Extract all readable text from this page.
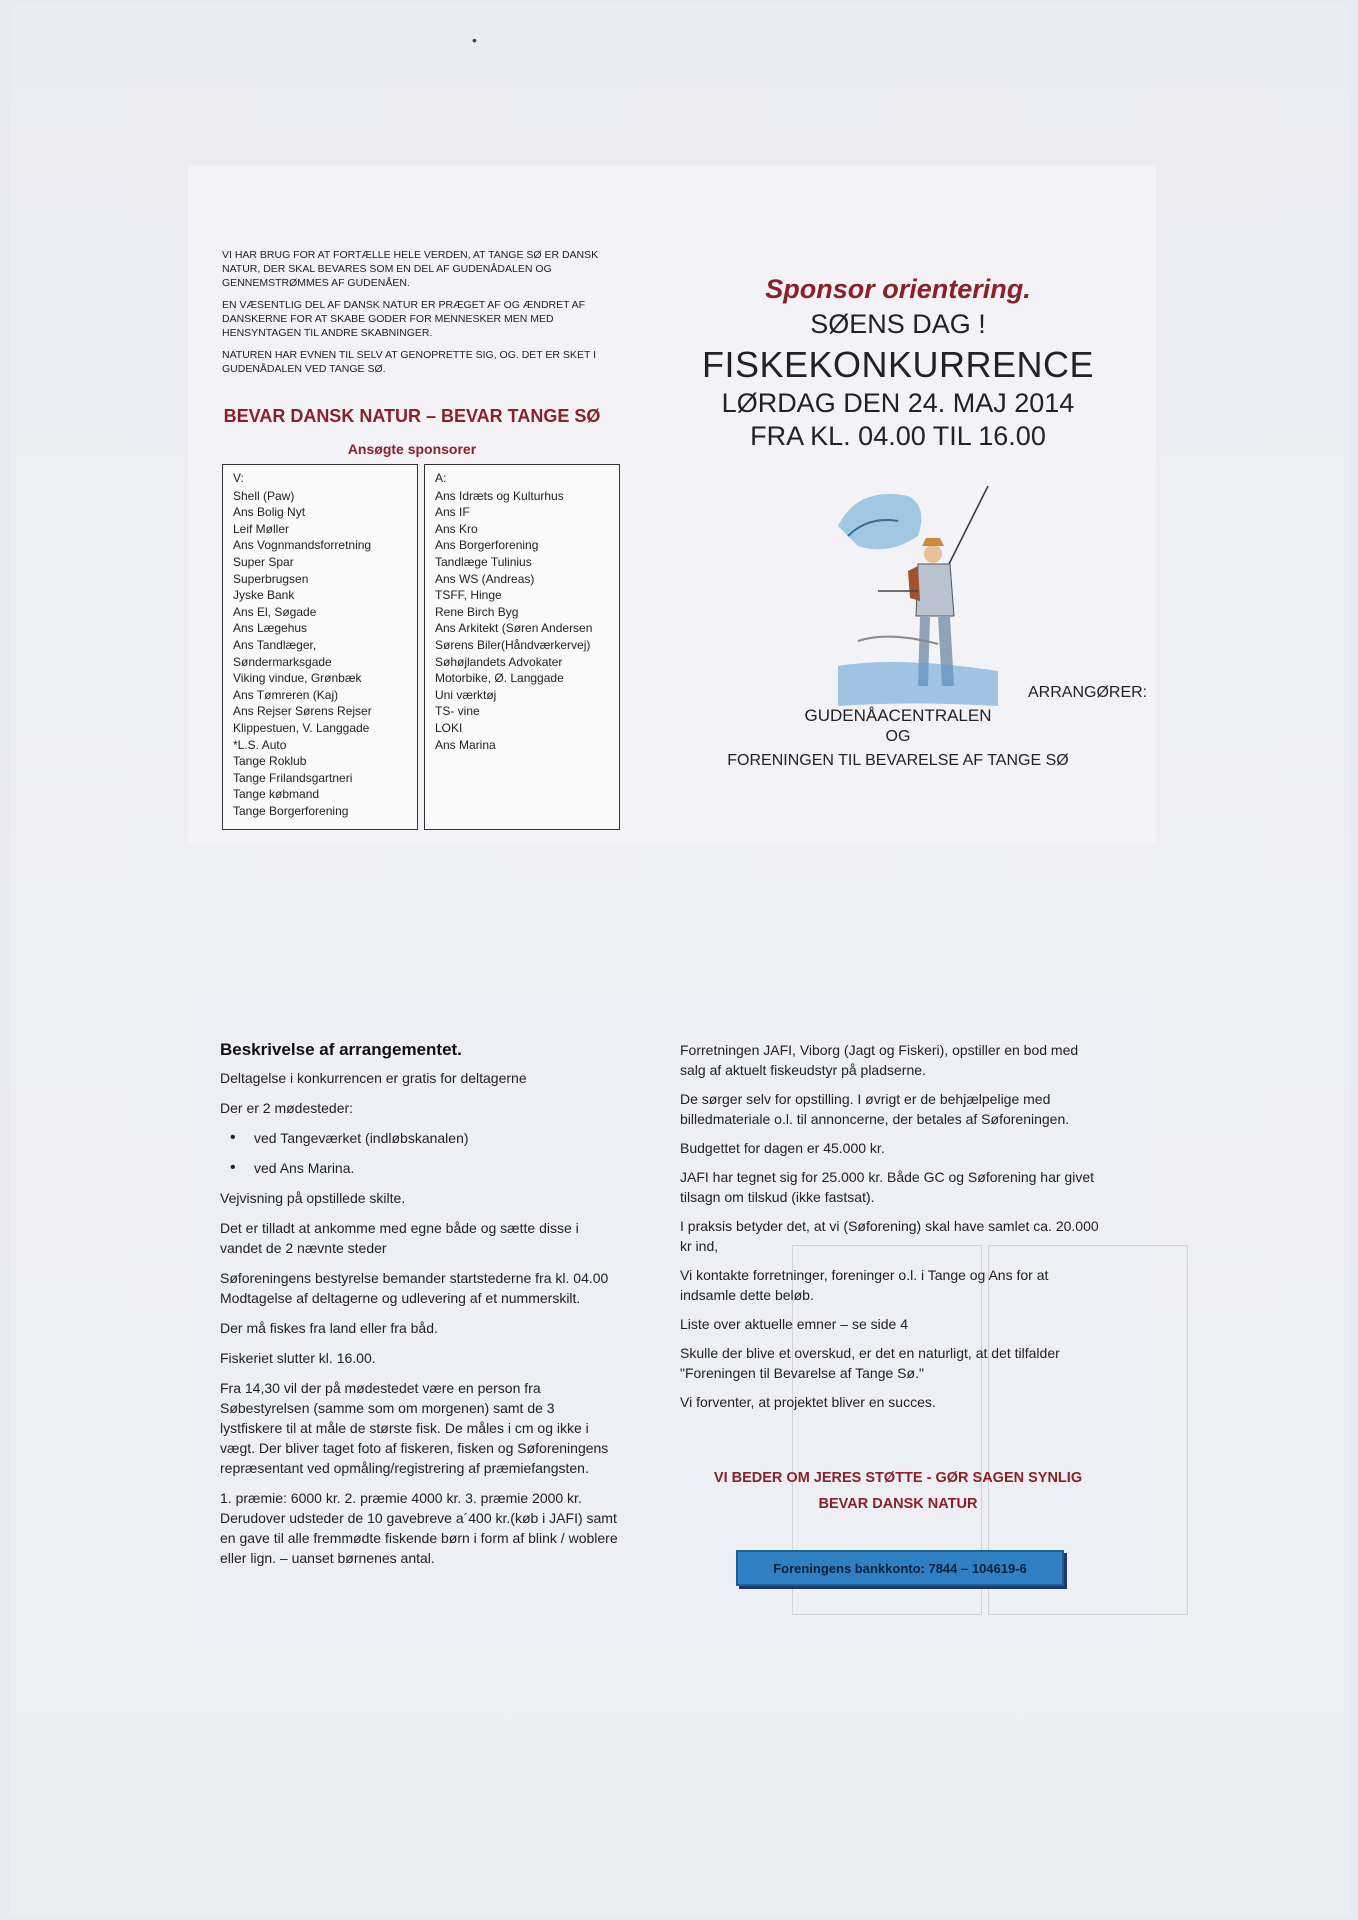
•

VI HAR BRUG FOR AT FORTÆLLE HELE VERDEN, AT TANGE SØ ER DANSK NATUR, DER SKAL BEVARES SOM EN DEL AF GUDENÅDALEN OG GENNEMSTRØMMES AF GUDENÅEN.

EN VÆSENTLIG DEL AF DANSK NATUR ER PRÆGET AF OG ÆNDRET AF DANSKERNE FOR AT SKABE GODER FOR MENNESKER MEN MED HENSYNTAGEN TIL ANDRE SKABNINGER.

NATUREN HAR EVNEN TIL SELV AT GENOPRETTE SIG, OG. DET ER SKET I GUDENÅDALEN VED TANGE SØ.

BEVAR DANSK NATUR – BEVAR TANGE SØ
Ansøgte sponsorer
V:
Shell (Paw)
Ans Bolig Nyt
Leif Møller
Ans Vognmandsforretning
Super Spar
Superbrugsen
Jyske Bank
Ans El, Søgade
Ans Lægehus
Ans Tandlæger,
Søndermarksgade
Viking vindue, Grønbæk
Ans Tømreren (Kaj)
Ans Rejser Sørens Rejser
Klippestuen, V. Langgade
*L.S. Auto
Tange Roklub
Tange Frilandsgartneri
Tange købmand
Tange Borgerforening
A:
Ans Idræts og Kulturhus
Ans IF
Ans Kro
Ans Borgerforening
Tandlæge Tulinius
Ans WS (Andreas)
TSFF, Hinge
Rene Birch Byg
Ans Arkitekt (Søren Andersen
Sørens Biler(Håndværkervej)
Søhøjlandets Advokater
Motorbike, Ø. Langgade
Uni værktøj
TS- vine
LOKI
Ans Marina
Sponsor orientering.
SØENS DAG !
FISKEKONKURRENCE
LØRDAG DEN 24. MAJ 2014
FRA KL. 04.00 TIL 16.00
ARRANGØRER:
GUDENÅACENTRALEN
OG
FORENINGEN TIL BEVARELSE AF TANGE SØ
Beskrivelse af arrangementet.

Deltagelse i konkurrencen er gratis for deltagerne

Der er 2 mødesteder:

• ved Tangeværket (indløbskanalen)
• ved Ans Marina.

Vejvisning på opstillede skilte.

Det er tilladt at ankomme med egne både og sætte disse i vandet de 2 nævnte steder

Søforeningens bestyrelse bemander startstederne fra kl. 04.00 Modtagelse af deltagerne og udlevering af et nummerskilt.

Der må fiskes fra land eller fra båd.

Fiskeriet slutter kl. 16.00.

Fra 14,30 vil der på mødestedet være en person fra Søbestyrelsen (samme som om morgenen) samt de 3 lystfiskere til at måle de største fisk. De måles i cm og ikke i vægt. Der bliver taget foto af fiskeren, fisken og Søforeningens repræsentant ved opmåling/registrering af præmiefangsten.

1. præmie: 6000 kr. 2. præmie 4000 kr. 3. præmie 2000 kr. Derudover udsteder de 10 gavebreve a´400 kr.(køb i JAFI) samt en gave til alle fremmødte fiskende børn i form af blink / woblere eller lign. – uanset børnenes antal.

Forretningen JAFI, Viborg (Jagt og Fiskeri), opstiller en bod med salg af aktuelt fiskeudstyr på pladserne.

De sørger selv for opstilling. I øvrigt er de behjælpelige med billedmateriale o.l. til annoncerne, der betales af Søforeningen.

Budgettet for dagen er 45.000 kr.

JAFI har tegnet sig for 25.000 kr. Både GC og Søforening har givet tilsagn om tilskud (ikke fastsat).

I praksis betyder det, at vi (Søforening) skal have samlet ca. 20.000 kr ind,

Vi kontakte forretninger, foreninger o.l. i Tange og Ans for at indsamle dette beløb.

Liste over aktuelle emner – se side 4

Skulle der blive et overskud, er det en naturligt, at det tilfalder "Foreningen til Bevarelse af Tange Sø."

Vi forventer, at projektet bliver en succes.

VI BEDER OM JERES STØTTE - GØR SAGEN SYNLIG
BEVAR DANSK NATUR
Foreningens bankkonto: 7844 – 104619-6
